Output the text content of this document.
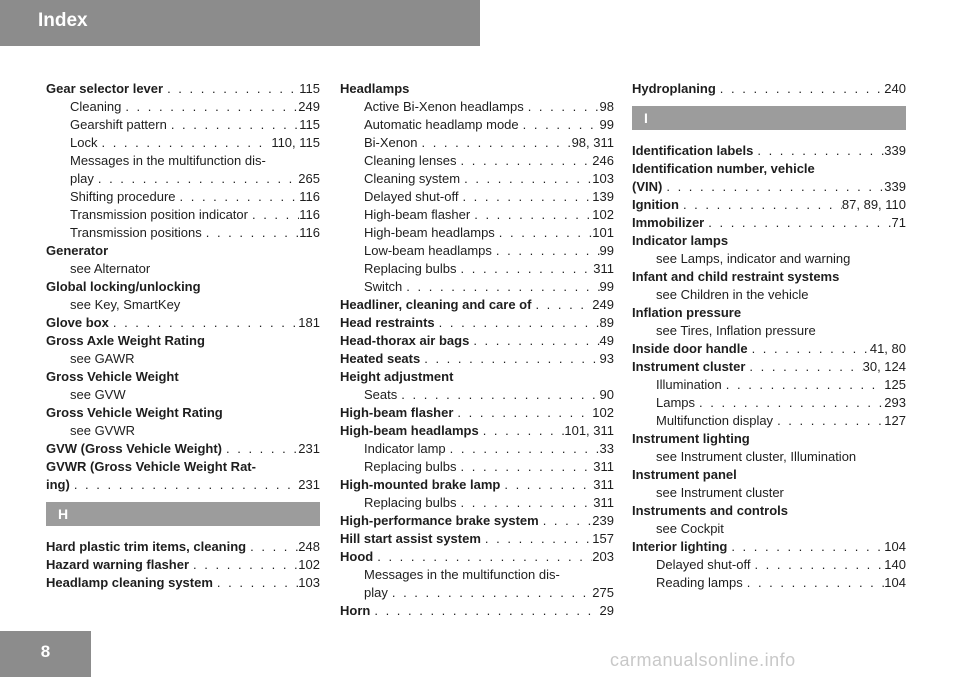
Index
Gear selector lever . . .	115
Cleaning . . .	249
Gearshift pattern . . .	115
Lock . . .	110, 115
Messages in the multifunction dis-
play . . .	265
Shifting procedure . . .	116
Transmission position indicator . . .	116
Transmission positions . . .	116
Generator
see Alternator
Global locking/unlocking
see Key, SmartKey
Glove box . . .	181
Gross Axle Weight Rating
see GAWR
Gross Vehicle Weight
see GVW
Gross Vehicle Weight Rating
see GVWR
GVW (Gross Vehicle Weight) . . .	231
GVWR (Gross Vehicle Weight Rat-
ing) . . .	231
H
Hard plastic trim items, cleaning . . .	248
Hazard warning flasher . . .	102
Headlamp cleaning system . . .	103
Headlamps
Active Bi-Xenon headlamps . . .	98
Automatic headlamp mode . . .	99
Bi-Xenon . . .	98, 311
Cleaning lenses . . .	246
Cleaning system . . .	103
Delayed shut-off . . .	139
High-beam flasher . . .	102
High-beam headlamps . . .	101
Low-beam headlamps . . .	99
Replacing bulbs . . .	311
Switch . . .	99
Headliner, cleaning and care of . . .	249
Head restraints . . .	89
Head-thorax air bags . . .	49
Heated seats . . .	93
Height adjustment
Seats . . .	90
High-beam flasher . . .	102
High-beam headlamps . . .	101, 311
Indicator lamp . . .	33
Replacing bulbs . . .	311
High-mounted brake lamp . . .	311
Replacing bulbs . . .	311
High-performance brake system . . .	239
Hill start assist system . . .	157
Hood . . .	203
Messages in the multifunction dis-
play . . .	275
Horn . . .	29
Hydroplaning . . .	240
I
Identification labels . . .	339
Identification number, vehicle
(VIN) . . .	339
Ignition . . .	87, 89, 110
Immobilizer . . .	71
Indicator lamps
see Lamps, indicator and warning
Infant and child restraint systems
see Children in the vehicle
Inflation pressure
see Tires, Inflation pressure
Inside door handle . . .	41, 80
Instrument cluster . . .	30, 124
Illumination . . .	125
Lamps . . .	293
Multifunction display . . .	127
Instrument lighting
see Instrument cluster, Illumination
Instrument panel
see Instrument cluster
Instruments and controls
see Cockpit
Interior lighting . . .	104
Delayed shut-off . . .	140
Reading lamps . . .	104
8	carmanualsonline.info
